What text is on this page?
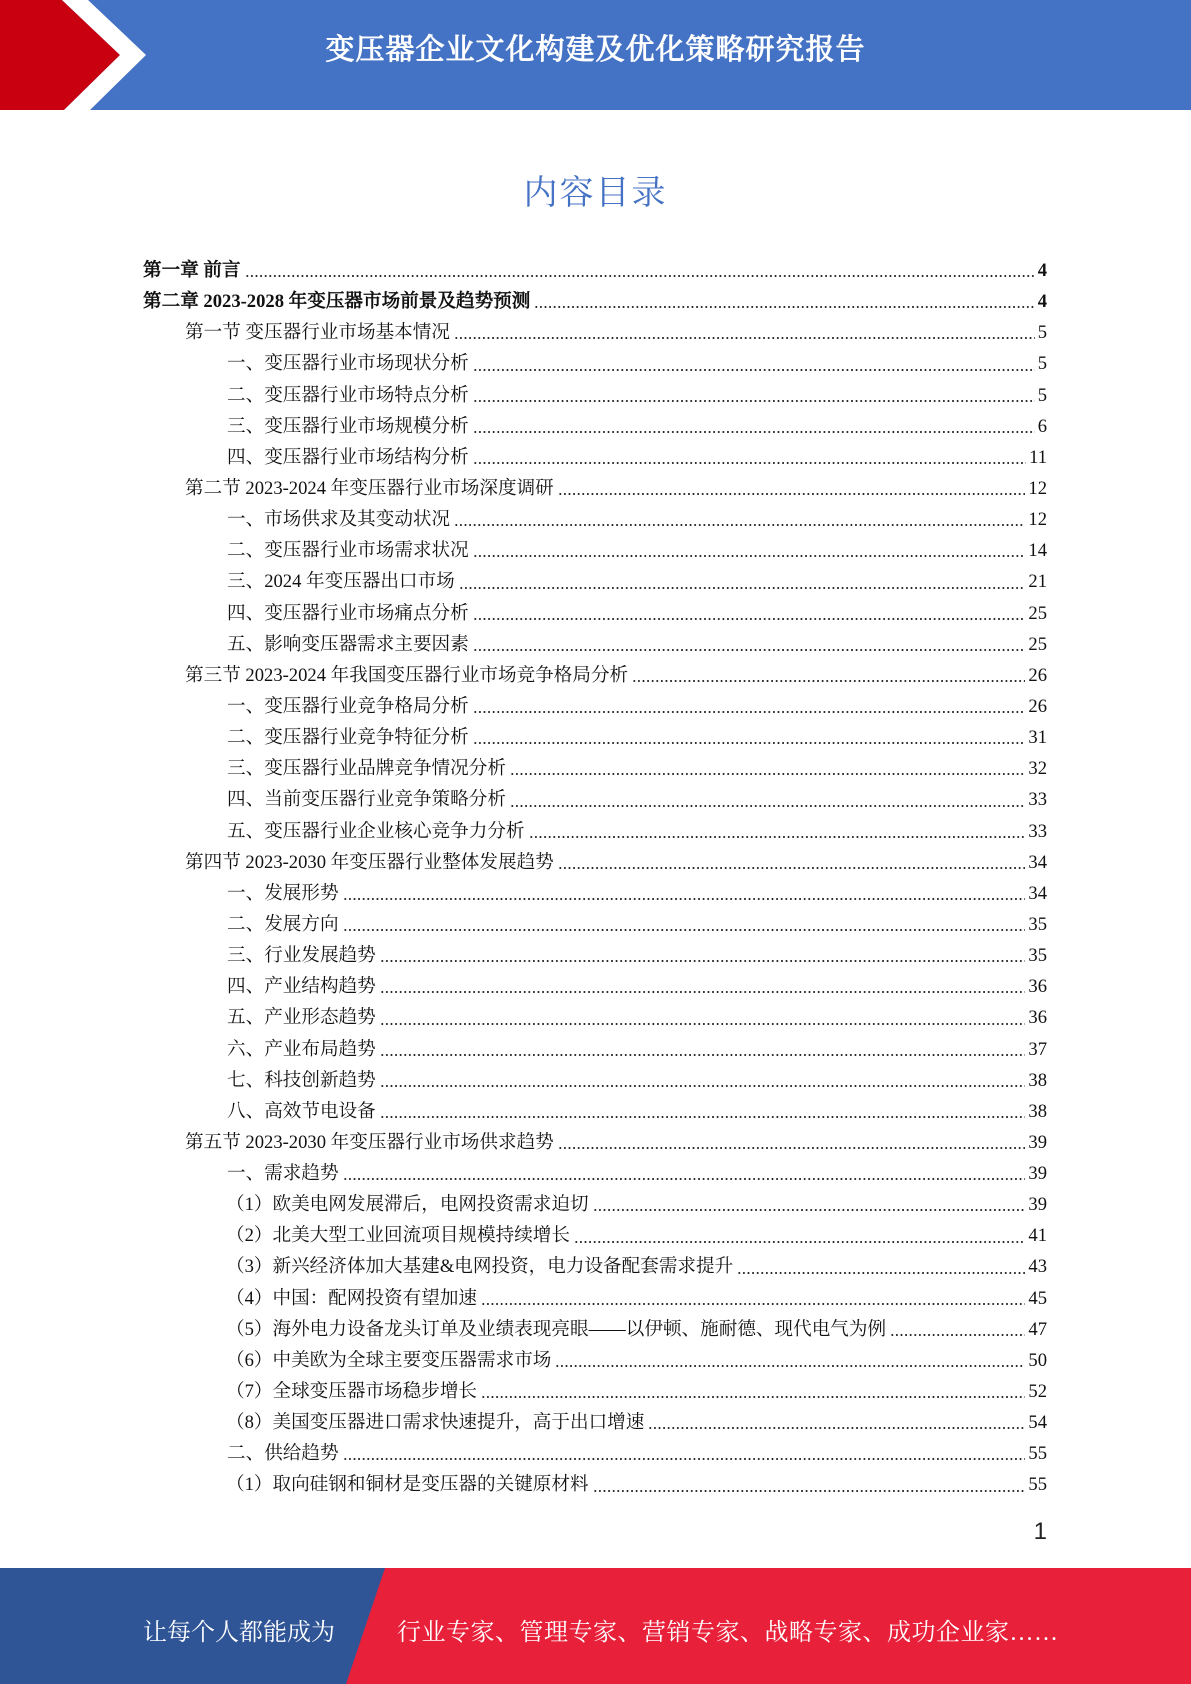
变压器企业文化构建及优化策略研究报告
内容目录
第一章 前言	4
第二章 2023-2028 年变压器市场前景及趋势预测	4
第一节 变压器行业市场基本情况	5
一、变压器行业市场现状分析	5
二、变压器行业市场特点分析	5
三、变压器行业市场规模分析	6
四、变压器行业市场结构分析	11
第二节 2023-2024 年变压器行业市场深度调研	12
一、市场供求及其变动状况	12
二、变压器行业市场需求状况	14
三、2024 年变压器出口市场	21
四、变压器行业市场痛点分析	25
五、影响变压器需求主要因素	25
第三节 2023-2024 年我国变压器行业市场竞争格局分析	26
一、变压器行业竞争格局分析	26
二、变压器行业竞争特征分析	31
三、变压器行业品牌竞争情况分析	32
四、当前变压器行业竞争策略分析	33
五、变压器行业企业核心竞争力分析	33
第四节 2023-2030 年变压器行业整体发展趋势	34
一、发展形势	34
二、发展方向	35
三、行业发展趋势	35
四、产业结构趋势	36
五、产业形态趋势	36
六、产业布局趋势	37
七、科技创新趋势	38
八、高效节电设备	38
第五节 2023-2030 年变压器行业市场供求趋势	39
一、需求趋势	39
（1）欧美电网发展滞后，电网投资需求迫切	39
（2）北美大型工业回流项目规模持续增长	41
（3）新兴经济体加大基建&电网投资，电力设备配套需求提升	43
（4）中国：配网投资有望加速	45
（5）海外电力设备龙头订单及业绩表现亮眼——以伊顿、施耐德、现代电气为例	47
（6）中美欧为全球主要变压器需求市场	50
（7）全球变压器市场稳步增长	52
（8）美国变压器进口需求快速提升，高于出口增速	54
二、供给趋势	55
（1）取向硅钢和铜材是变压器的关键原材料	55
1
让每个人都能成为	行业专家、管理专家、营销专家、战略专家、成功企业家……
